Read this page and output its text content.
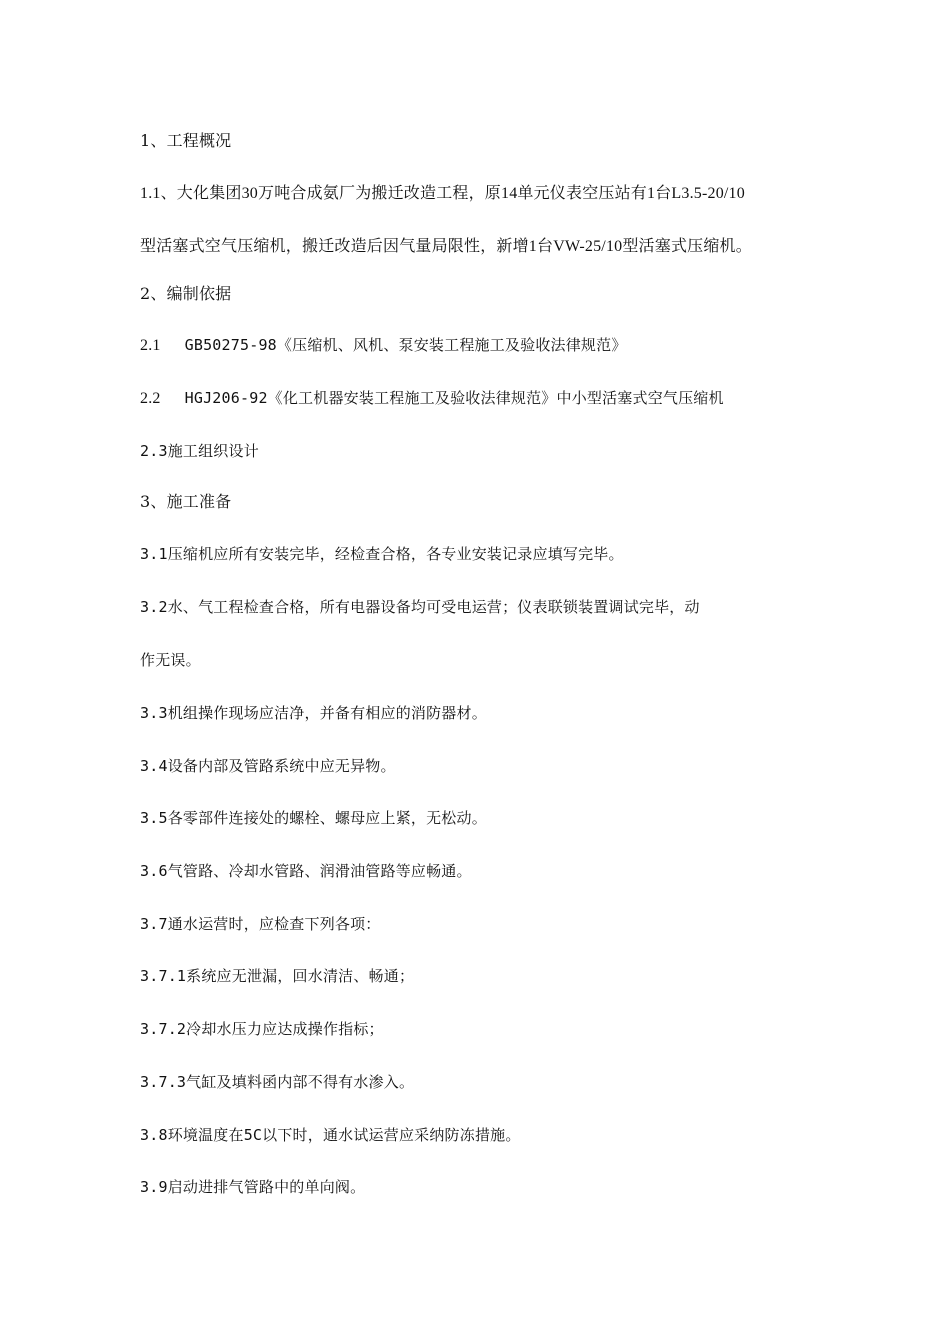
1、工程概况
1.1、大化集团30万吨合成氨厂为搬迁改造工程，原14单元仪表空压站有1台L3.5-20/10
型活塞式空气压缩机，搬迁改造后因气量局限性，新增1台VW-25/10型活塞式压缩机。
2、编制依据
2.1 GB50275-98《压缩机、风机、泵安装工程施工及验收法律规范》
2.2 HGJ206-92《化工机器安装工程施工及验收法律规范》中小型活塞式空气压缩机
2.3施工组织设计
3、施工准备
3.1压缩机应所有安装完毕，经检查合格，各专业安装记录应填写完毕。
3.2水、气工程检查合格，所有电器设备均可受电运营；仪表联锁装置调试完毕，动
作无误。
3.3机组操作现场应洁净，并备有相应的消防器材。
3.4设备内部及管路系统中应无异物。
3.5各零部件连接处的螺栓、螺母应上紧，无松动。
3.6气管路、冷却水管路、润滑油管路等应畅通。
3.7通水运营时，应检查下列各项：
3.7.1系统应无泄漏，回水清洁、畅通；
3.7.2冷却水压力应达成操作指标；
3.7.3气缸及填料函内部不得有水渗入。
3.8环境温度在5C以下时，通水试运营应采纳防冻措施。
3.9启动进排气管路中的单向阀。
